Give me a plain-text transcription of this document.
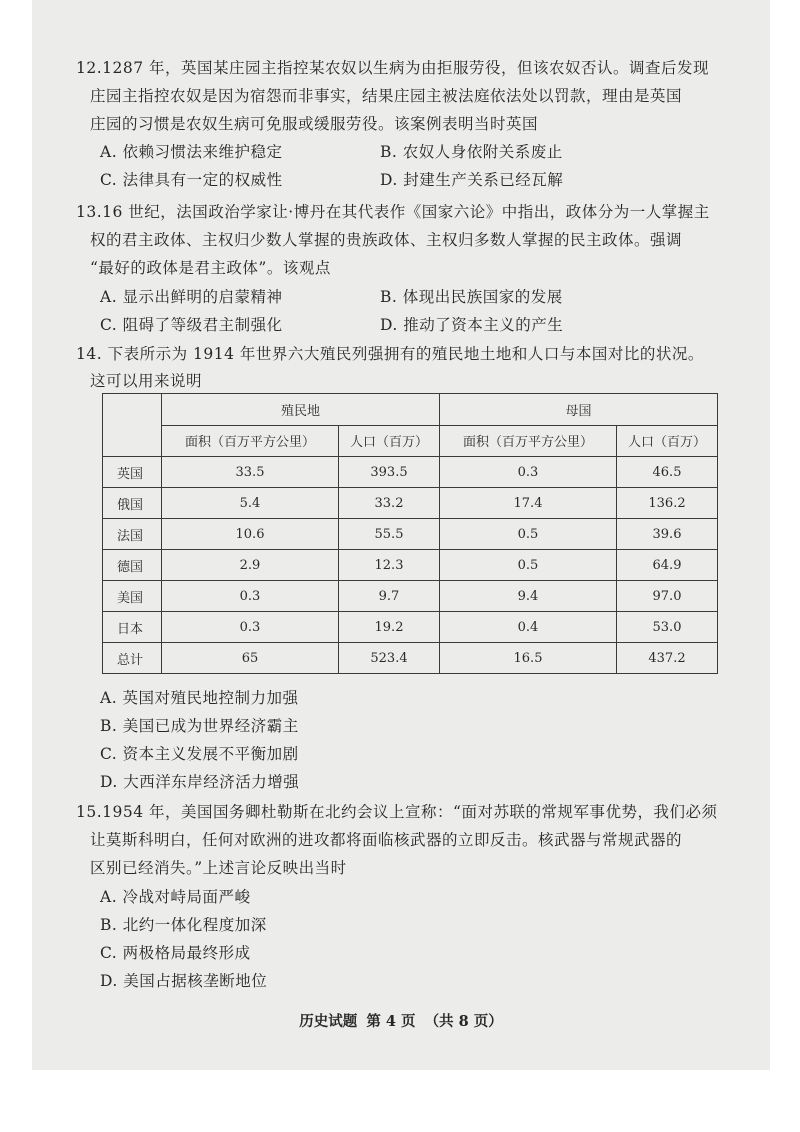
12.1287 年，英国某庄园主指控某农奴以生病为由拒服劳役，但该农奴否认。调查后发现
庄园主指控农奴是因为宿怨而非事实，结果庄园主被法庭依法处以罚款，理由是英国
庄园的习惯是农奴生病可免服或缓服劳役。该案例表明当时英国
A. 依赖习惯法来维护稳定	B. 农奴人身依附关系废止
C. 法律具有一定的权威性	D. 封建生产关系已经瓦解
13.16 世纪，法国政治学家让·博丹在其代表作《国家六论》中指出，政体分为一人掌握主
权的君主政体、主权归少数人掌握的贵族政体、主权归多数人掌握的民主政体。强调
“最好的政体是君主政体”。该观点
A. 显示出鲜明的启蒙精神	B. 体现出民族国家的发展
C. 阻碍了等级君主制强化	D. 推动了资本主义的产生
14. 下表所示为 1914 年世界六大殖民列强拥有的殖民地土地和人口与本国对比的状况。
这可以用来说明
	殖民地		母国	
	面积（百万平方公里）	人口（百万）	面积（百万平方公里）	人口（百万）
英国	33.5	393.5	0.3	46.5
俄国	5.4	33.2	17.4	136.2
法国	10.6	55.5	0.5	39.6
德国	2.9	12.3	0.5	64.9
美国	0.3	9.7	9.4	97.0
日本	0.3	19.2	0.4	53.0
总计	65	523.4	16.5	437.2
A. 英国对殖民地控制力加强
B. 美国已成为世界经济霸主
C. 资本主义发展不平衡加剧
D. 大西洋东岸经济活力增强
15.1954 年，美国国务卿杜勒斯在北约会议上宣称：“面对苏联的常规军事优势，我们必须
让莫斯科明白，任何对欧洲的进攻都将面临核武器的立即反击。核武器与常规武器的
区别已经消失。”上述言论反映出当时
A. 冷战对峙局面严峻
B. 北约一体化程度加深
C. 两极格局最终形成
D. 美国占据核垄断地位
历史试题 第 4 页 （共 8 页）
